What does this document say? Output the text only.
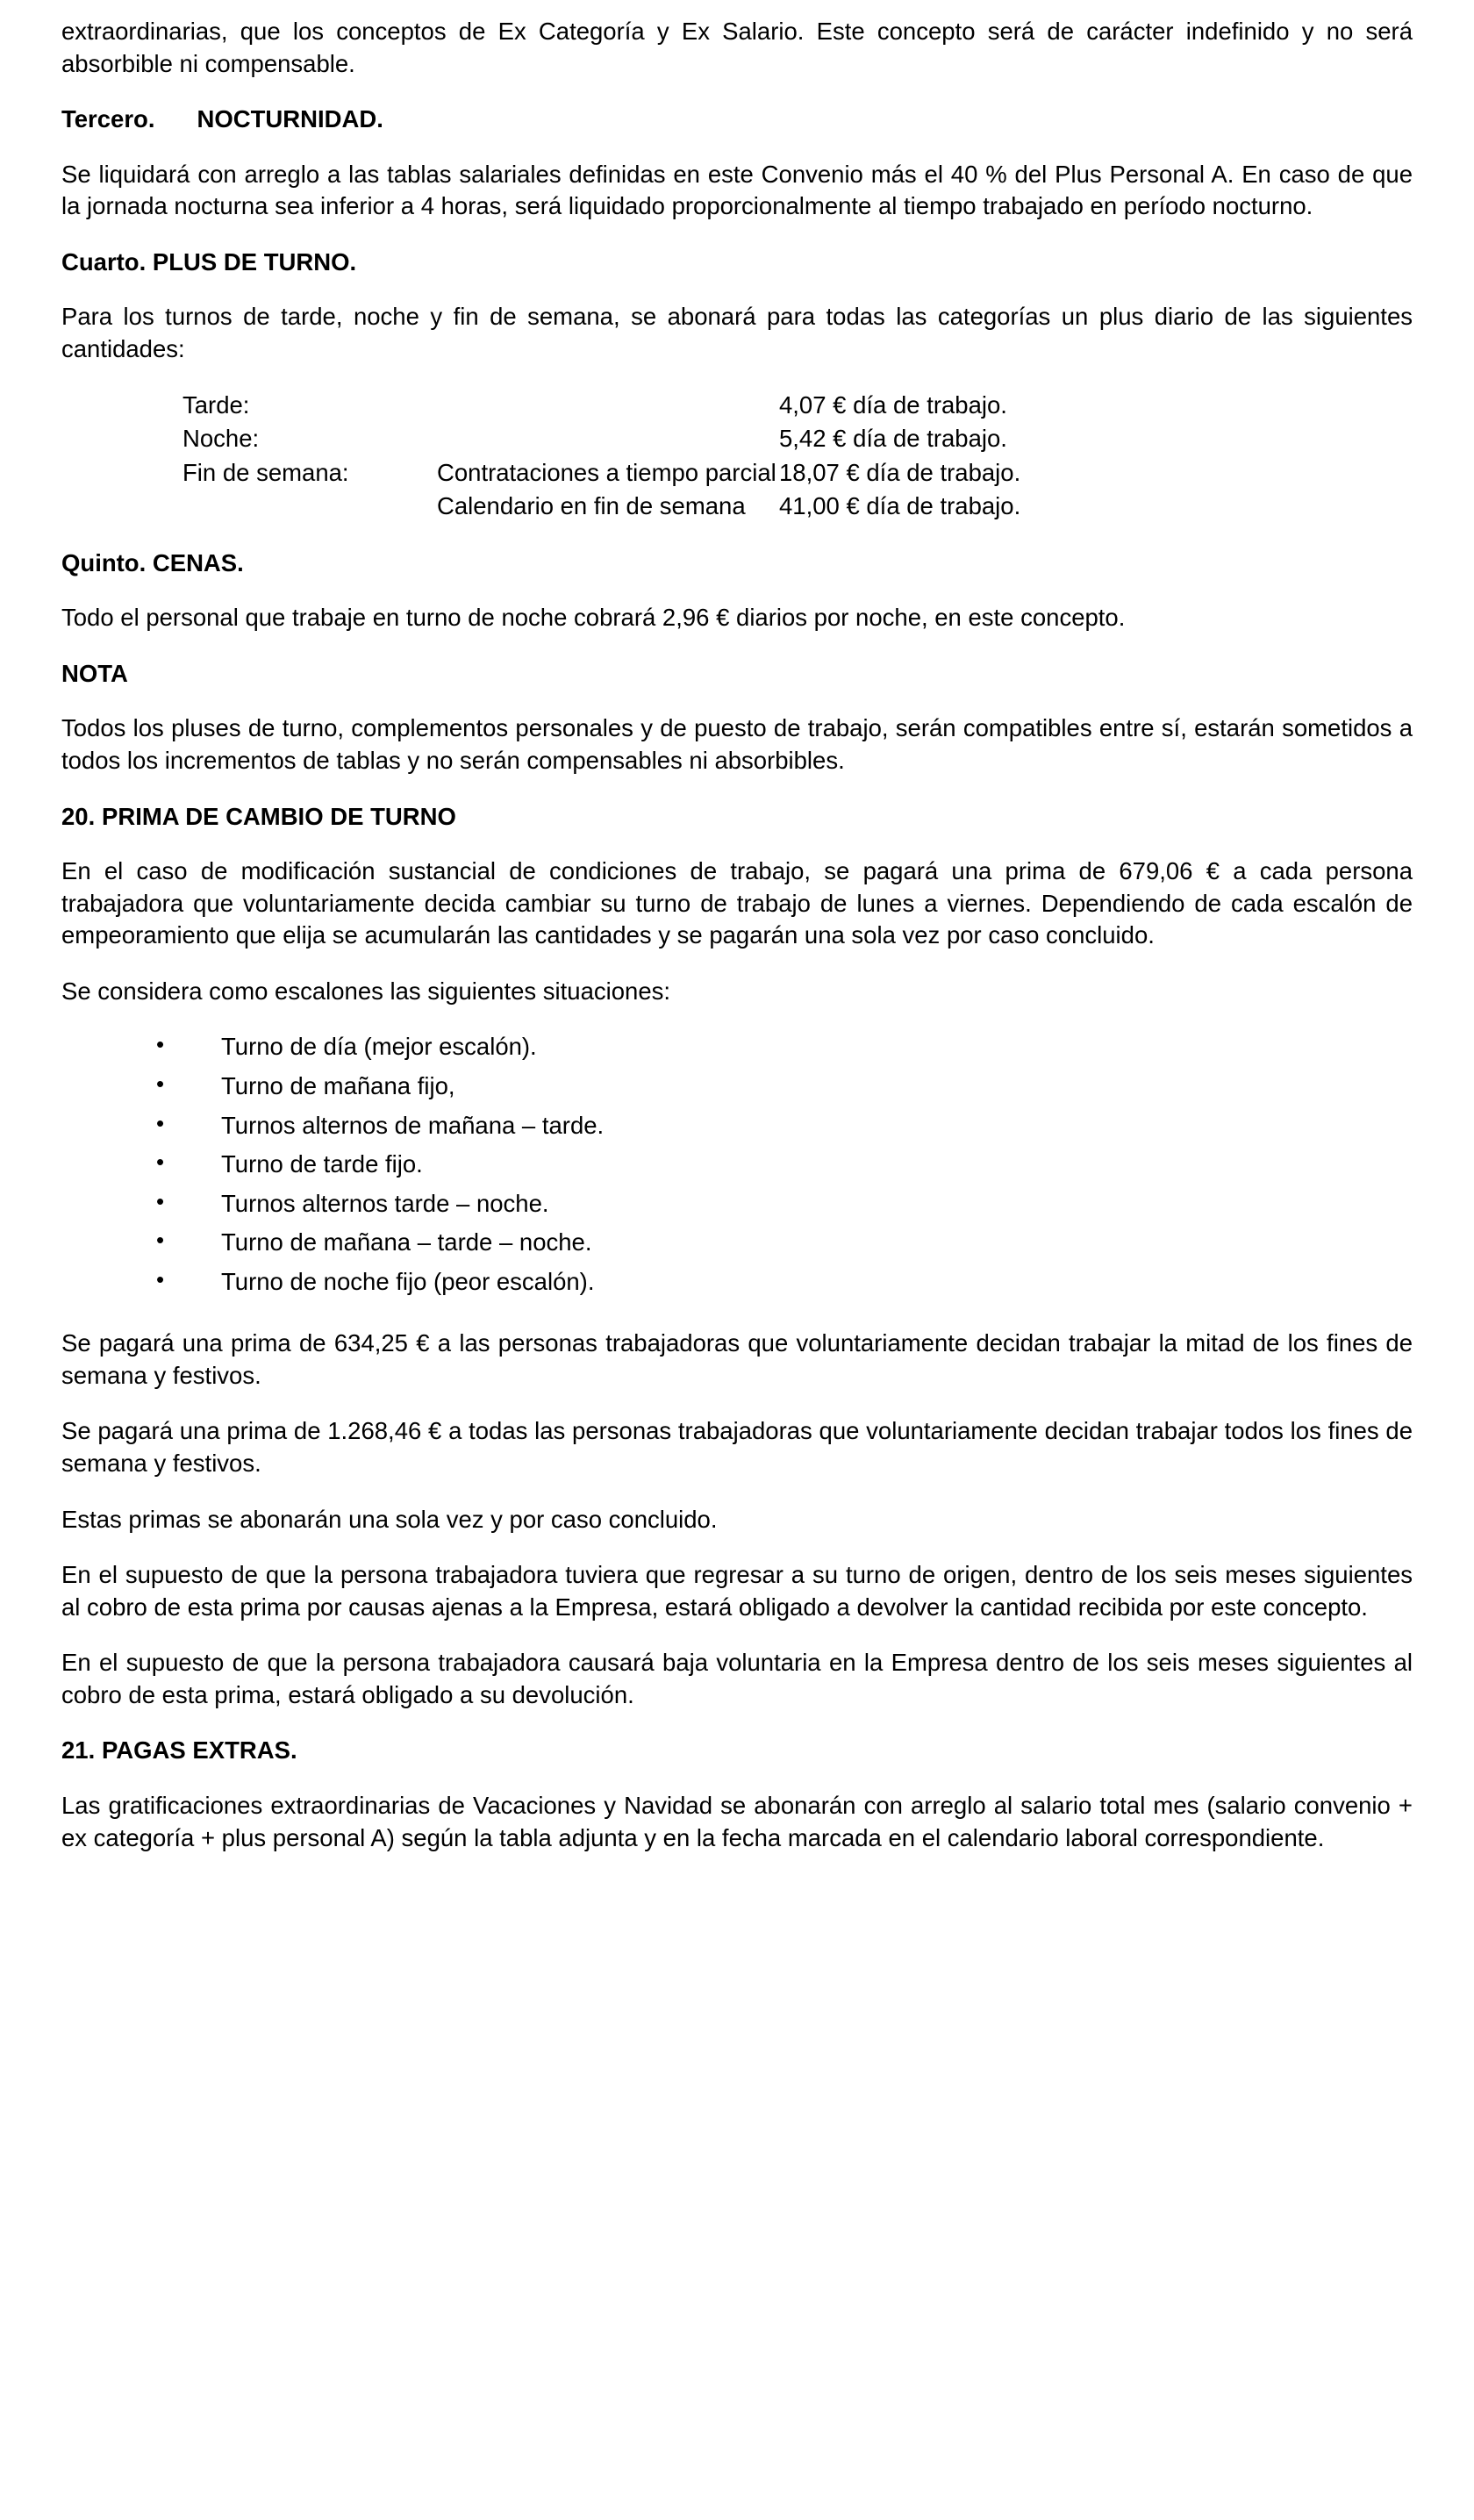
extraordinarias, que los conceptos de Ex Categoría y Ex Salario. Este concepto será de carácter indefinido y no será absorbible ni compensable.

Tercero. NOCTURNIDAD.

Se liquidará con arreglo a las tablas salariales definidas en este Convenio más el 40 % del Plus Personal A. En caso de que la jornada nocturna sea inferior a 4 horas, será liquidado proporcionalmente al tiempo trabajado en período nocturno.

Cuarto. PLUS DE TURNO.

Para los turnos de tarde, noche y fin de semana, se abonará para todas las categorías un plus diario de las siguientes cantidades:

Tarde:		4,07 € día de trabajo.
Noche:		5,42 € día de trabajo.
Fin de semana:	Contrataciones a tiempo parcial	18,07 € día de trabajo.
	Calendario en fin de semana	41,00 € día de trabajo.
Quinto. CENAS.

Todo el personal que trabaje en turno de noche cobrará 2,96 € diarios por noche, en este concepto.

NOTA

Todos los pluses de turno, complementos personales y de puesto de trabajo, serán compatibles entre sí, estarán sometidos a todos los incrementos de tablas y no serán compensables ni absorbibles.

20. PRIMA DE CAMBIO DE TURNO

En el caso de modificación sustancial de condiciones de trabajo, se pagará una prima de 679,06 € a cada persona trabajadora que voluntariamente decida cambiar su turno de trabajo de lunes a viernes. Dependiendo de cada escalón de empeoramiento que elija se acumularán las cantidades y se pagarán una sola vez por caso concluido.

Se considera como escalones las siguientes situaciones:

• Turno de día (mejor escalón).
• Turno de mañana fijo,
• Turnos alternos de mañana – tarde.
• Turno de tarde fijo.
• Turnos alternos tarde – noche.
• Turno de mañana – tarde – noche.
• Turno de noche fijo (peor escalón).

Se pagará una prima de 634,25 € a las personas trabajadoras que voluntariamente decidan trabajar la mitad de los fines de semana y festivos.

Se pagará una prima de 1.268,46 € a todas las personas trabajadoras que voluntariamente decidan trabajar todos los fines de semana y festivos.

Estas primas se abonarán una sola vez y por caso concluido.

En el supuesto de que la persona trabajadora tuviera que regresar a su turno de origen, dentro de los seis meses siguientes al cobro de esta prima por causas ajenas a la Empresa, estará obligado a devolver la cantidad recibida por este concepto.

En el supuesto de que la persona trabajadora causará baja voluntaria en la Empresa dentro de los seis meses siguientes al cobro de esta prima, estará obligado a su devolución.

21. PAGAS EXTRAS.

Las gratificaciones extraordinarias de Vacaciones y Navidad se abonarán con arreglo al salario total mes (salario convenio + ex categoría + plus personal A) según la tabla adjunta y en la fecha marcada en el calendario laboral correspondiente.
